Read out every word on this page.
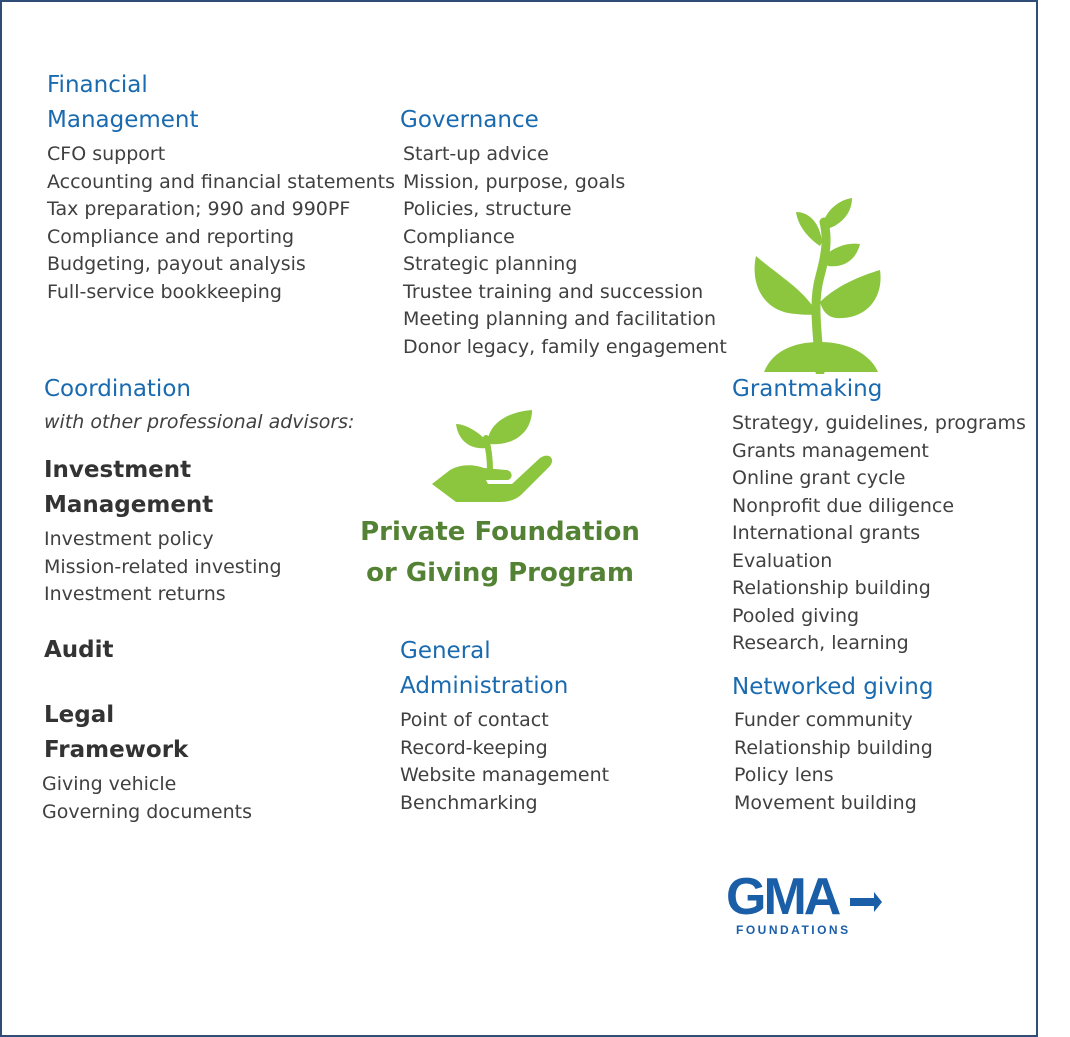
Financial
Management
CFO support
Accounting and financial statements
Tax preparation; 990 and 990PF
Compliance and reporting
Budgeting, payout analysis
Full-service bookkeeping
Governance
Start-up advice
Mission, purpose, goals
Policies, structure
Compliance
Strategic planning
Trustee training and succession
Meeting planning and facilitation
Donor legacy, family engagement
Coordination
with other professional advisors:
Investment
Management
Investment policy
Mission-related investing
Investment returns
Audit
Legal
Framework
Giving vehicle
Governing documents
Private Foundation
or Giving Program
Grantmaking
Strategy, guidelines, programs
Grants management
Online grant cycle
Nonprofit due diligence
International grants
Evaluation
Relationship building
Pooled giving
Research, learning
General
Administration
Point of contact
Record-keeping
Website management
Benchmarking
Networked giving
Funder community
Relationship building
Policy lens
Movement building
GMA
FOUNDATIONS
